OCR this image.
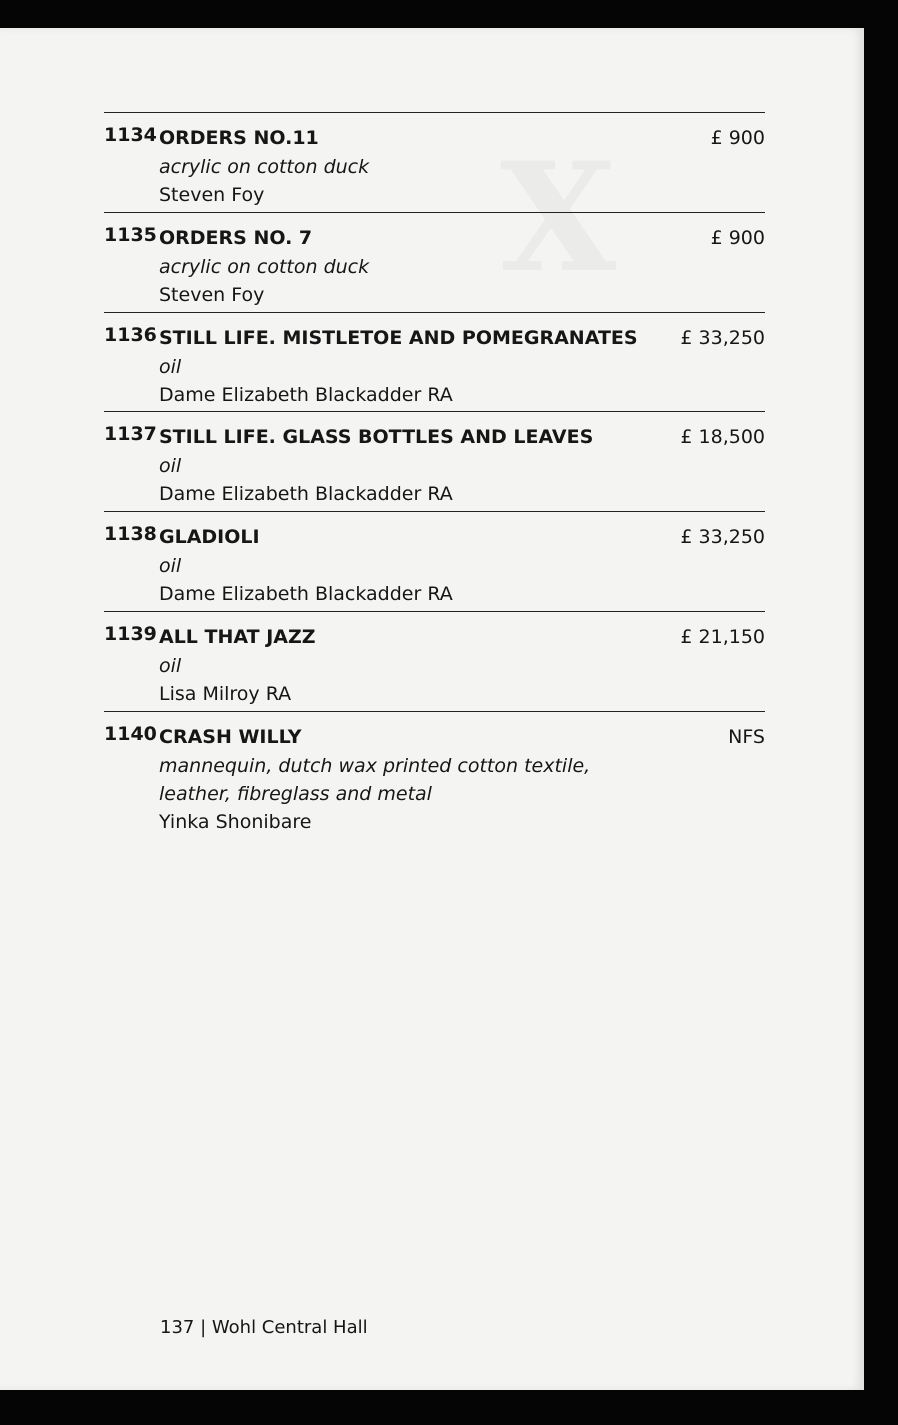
1134 ORDERS NO.11
acrylic on cotton duck
Steven Foy
£ 900
1135 ORDERS NO. 7
acrylic on cotton duck
Steven Foy
£ 900
1136 STILL LIFE. MISTLETOE AND POMEGRANATES
oil
Dame Elizabeth Blackadder RA
£ 33,250
1137 STILL LIFE. GLASS BOTTLES AND LEAVES
oil
Dame Elizabeth Blackadder RA
£ 18,500
1138 GLADIOLI
oil
Dame Elizabeth Blackadder RA
£ 33,250
1139 ALL THAT JAZZ
oil
Lisa Milroy RA
£ 21,150
1140 CRASH WILLY
mannequin, dutch wax printed cotton textile,
leather, fibreglass and metal
Yinka Shonibare
NFS
137 | Wohl Central Hall
